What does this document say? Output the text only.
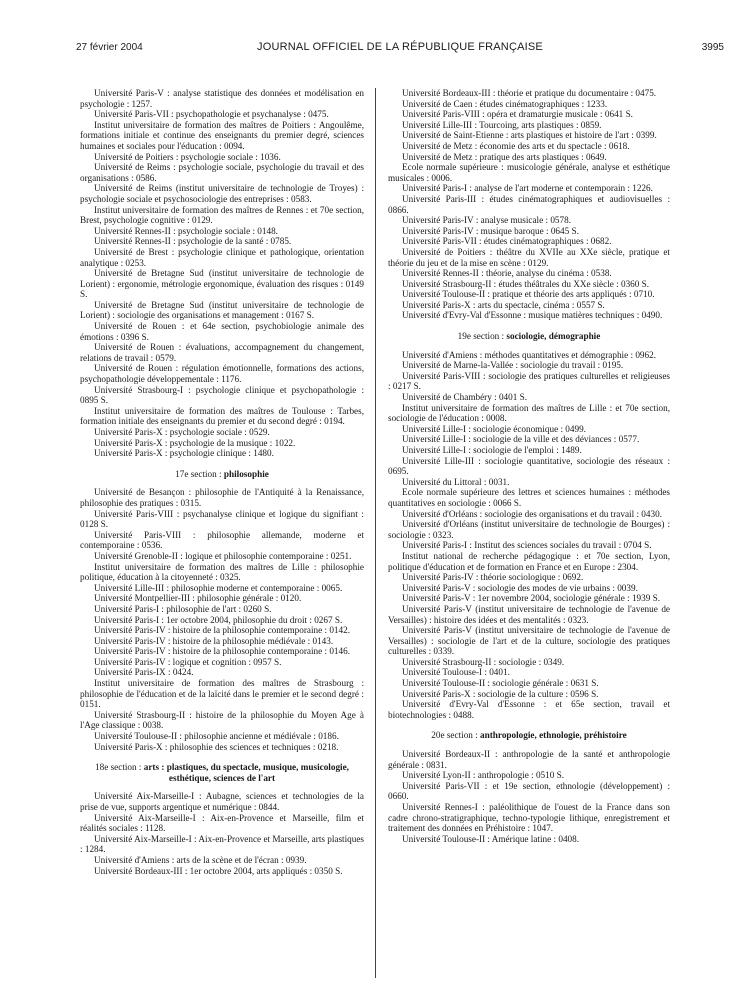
27 février 2004	JOURNAL OFFICIEL DE LA RÉPUBLIQUE FRANÇAISE	3995

Université Paris-V : analyse statistique des données et modélisation en psychologie : 1257.

Université Paris-VII : psychopathologie et psychanalyse : 0475.

Institut universitaire de formation des maîtres de Poitiers : Angoulême, formations initiale et continue des enseignants du premier degré, sciences humaines et sociales pour l'éducation : 0094.

Université de Poitiers : psychologie sociale : 1036.

Université de Reims : psychologie sociale, psychologie du travail et des organisations : 0586.

Université de Reims (institut universitaire de technologie de Troyes) : psychologie sociale et psychosociologie des entreprises : 0583.

Institut universitaire de formation des maîtres de Rennes : et 70e section, Brest, psychologie cognitive : 0129.

Université Rennes-II : psychologie sociale : 0148.

Université Rennes-II : psychologie de la santé : 0785.

Université de Brest : psychologie clinique et pathologique, orientation analytique : 0253.

Université de Bretagne Sud (institut universitaire de technologie de Lorient) : ergonomie, métrologie ergonomique, évaluation des risques : 0149 S.

Université de Bretagne Sud (institut universitaire de technologie de Lorient) : sociologie des organisations et management : 0167 S.

Université de Rouen : et 64e section, psychobiologie animale des émotions : 0396 S.

Université de Rouen : évaluations, accompagnement du changement, relations de travail : 0579.

Université de Rouen : régulation émotionnelle, formations des actions, psychopathologie développementale : 1176.

Université Strasbourg-I : psychologie clinique et psychopathologie : 0895 S.

Institut universitaire de formation des maîtres de Toulouse : Tarbes, formation initiale des enseignants du premier et du second degré : 0194.

Université Paris-X : psychologie sociale : 0529.

Université Paris-X : psychologie de la musique : 1022.

Université Paris-X : psychologie clinique : 1480.

17e section : philosophie

Université de Besançon : philosophie de l'Antiquité à la Renaissance, philosophie des pratiques : 0315.

Université Paris-VIII : psychanalyse clinique et logique du signifiant : 0128 S.

Université Paris-VIII : philosophie allemande, moderne et contemporaine : 0536.

Université Grenoble-II : logique et philosophie contemporaine : 0251.

Institut universitaire de formation des maîtres de Lille : philosophie politique, éducation à la citoyenneté : 0325.

Université Lille-III : philosophie moderne et contemporaine : 0065.

Université Montpellier-III : philosophie générale : 0120.

Université Paris-I : philosophie de l'art : 0260 S.

Université Paris-I : 1er octobre 2004, philosophie du droit : 0267 S.

Université Paris-IV : histoire de la philosophie contemporaine : 0142.

Université Paris-IV : histoire de la philosophie médiévale : 0143.

Université Paris-IV : histoire de la philosophie contemporaine : 0146.

Université Paris-IV : logique et cognition : 0957 S.

Université Paris-IX : 0424.

Institut universitaire de formation des maîtres de Strasbourg : philosophie de l'éducation et de la laïcité dans le premier et le second degré : 0151.

Université Strasbourg-II : histoire de la philosophie du Moyen Age à l'Age classique : 0038.

Université Toulouse-II : philosophie ancienne et médiévale : 0186.

Université Paris-X : philosophie des sciences et techniques : 0218.

18e section : arts : plastiques, du spectacle, musique, musicologie, esthétique, sciences de l'art

Université Aix-Marseille-I : Aubagne, sciences et technologies de la prise de vue, supports argentique et numérique : 0844.

Université Aix-Marseille-I : Aix-en-Provence et Marseille, film et réalités sociales : 1128.

Université Aix-Marseille-I : Aix-en-Provence et Marseille, arts plastiques : 1284.

Université d'Amiens : arts de la scène et de l'écran : 0939.

Université Bordeaux-III : 1er octobre 2004, arts appliqués : 0350 S.

Université Bordeaux-III : théorie et pratique du documentaire : 0475.

Université de Caen : études cinématographiques : 1233.

Université Paris-VIII : opéra et dramaturgie musicale : 0641 S.

Université Lille-III : Tourcoing, arts plastiques : 0859.

Université de Saint-Etienne : arts plastiques et histoire de l'art : 0399.

Université de Metz : économie des arts et du spectacle : 0618.

Université de Metz : pratique des arts plastiques : 0649.

Ecole normale supérieure : musicologie générale, analyse et esthétique musicales : 0006.

Université Paris-I : analyse de l'art moderne et contemporain : 1226.

Université Paris-III : études cinématographiques et audiovisuelles : 0866.

Université Paris-IV : analyse musicale : 0578.

Université Paris-IV : musique baroque : 0645 S.

Université Paris-VII : études cinématographiques : 0682.

Université de Poitiers : théâtre du XVIIe au XXe siècle, pratique et théorie du jeu et de la mise en scène : 0129.

Université Rennes-II : théorie, analyse du cinéma : 0538.

Université Strasbourg-II : études théâtrales du XXe siècle : 0360 S.

Université Toulouse-II : pratique et théorie des arts appliqués : 0710.

Université Paris-X : arts du spectacle, cinéma : 0557 S.

Université d'Evry-Val d'Essonne : musique matières techniques : 0490.

19e section : sociologie, démographie

Université d'Amiens : méthodes quantitatives et démographie : 0962.

Université de Marne-la-Vallée : sociologie du travail : 0195.

Université Paris-VIII : sociologie des pratiques culturelles et religieuses : 0217 S.

Université de Chambéry : 0401 S.

Institut universitaire de formation des maîtres de Lille : et 70e section, sociologie de l'éducation : 0008.

Université Lille-I : sociologie économique : 0499.

Université Lille-I : sociologie de la ville et des déviances : 0577.

Université Lille-I : sociologie de l'emploi : 1489.

Université Lille-III : sociologie quantitative, sociologie des réseaux : 0695.

Université du Littoral : 0031.

Ecole normale supérieure des lettres et sciences humaines : méthodes quantitatives en sociologie : 0066 S.

Université d'Orléans : sociologie des organisations et du travail : 0430.

Université d'Orléans (institut universitaire de technologie de Bourges) : sociologie : 0323.

Université Paris-I : Institut des sciences sociales du travail : 0704 S.

Institut national de recherche pédagogique : et 70e section, Lyon, politique d'éducation et de formation en France et en Europe : 2304.

Université Paris-IV : théorie sociologique : 0692.

Université Paris-V : sociologie des modes de vie urbains : 0039.

Université Paris-V : 1er novembre 2004, sociologie générale : 1939 S.

Université Paris-V (institut universitaire de technologie de l'avenue de Versailles) : histoire des idées et des mentalités : 0323.

Université Paris-V (institut universitaire de technologie de l'avenue de Versailles) : sociologie de l'art et de la culture, sociologie des pratiques culturelles : 0339.

Université Strasbourg-II : sociologie : 0349.

Université Toulouse-I : 0401.

Université Toulouse-II : sociologie générale : 0631 S.

Université Paris-X : sociologie de la culture : 0596 S.

Université d'Evry-Val d'Essonne : et 65e section, travail et biotechnologies : 0488.

20e section : anthropologie, ethnologie, préhistoire

Université Bordeaux-II : anthropologie de la santé et anthropologie générale : 0831.

Université Lyon-II : anthropologie : 0510 S.

Université Paris-VII : et 19e section, ethnologie (développement) : 0660.

Université Rennes-I : paléolithique de l'ouest de la France dans son cadre chrono-stratigraphique, techno-typologie lithique, enregistrement et traitement des données en Préhistoire : 1047.

Université Toulouse-II : Amérique latine : 0408.
